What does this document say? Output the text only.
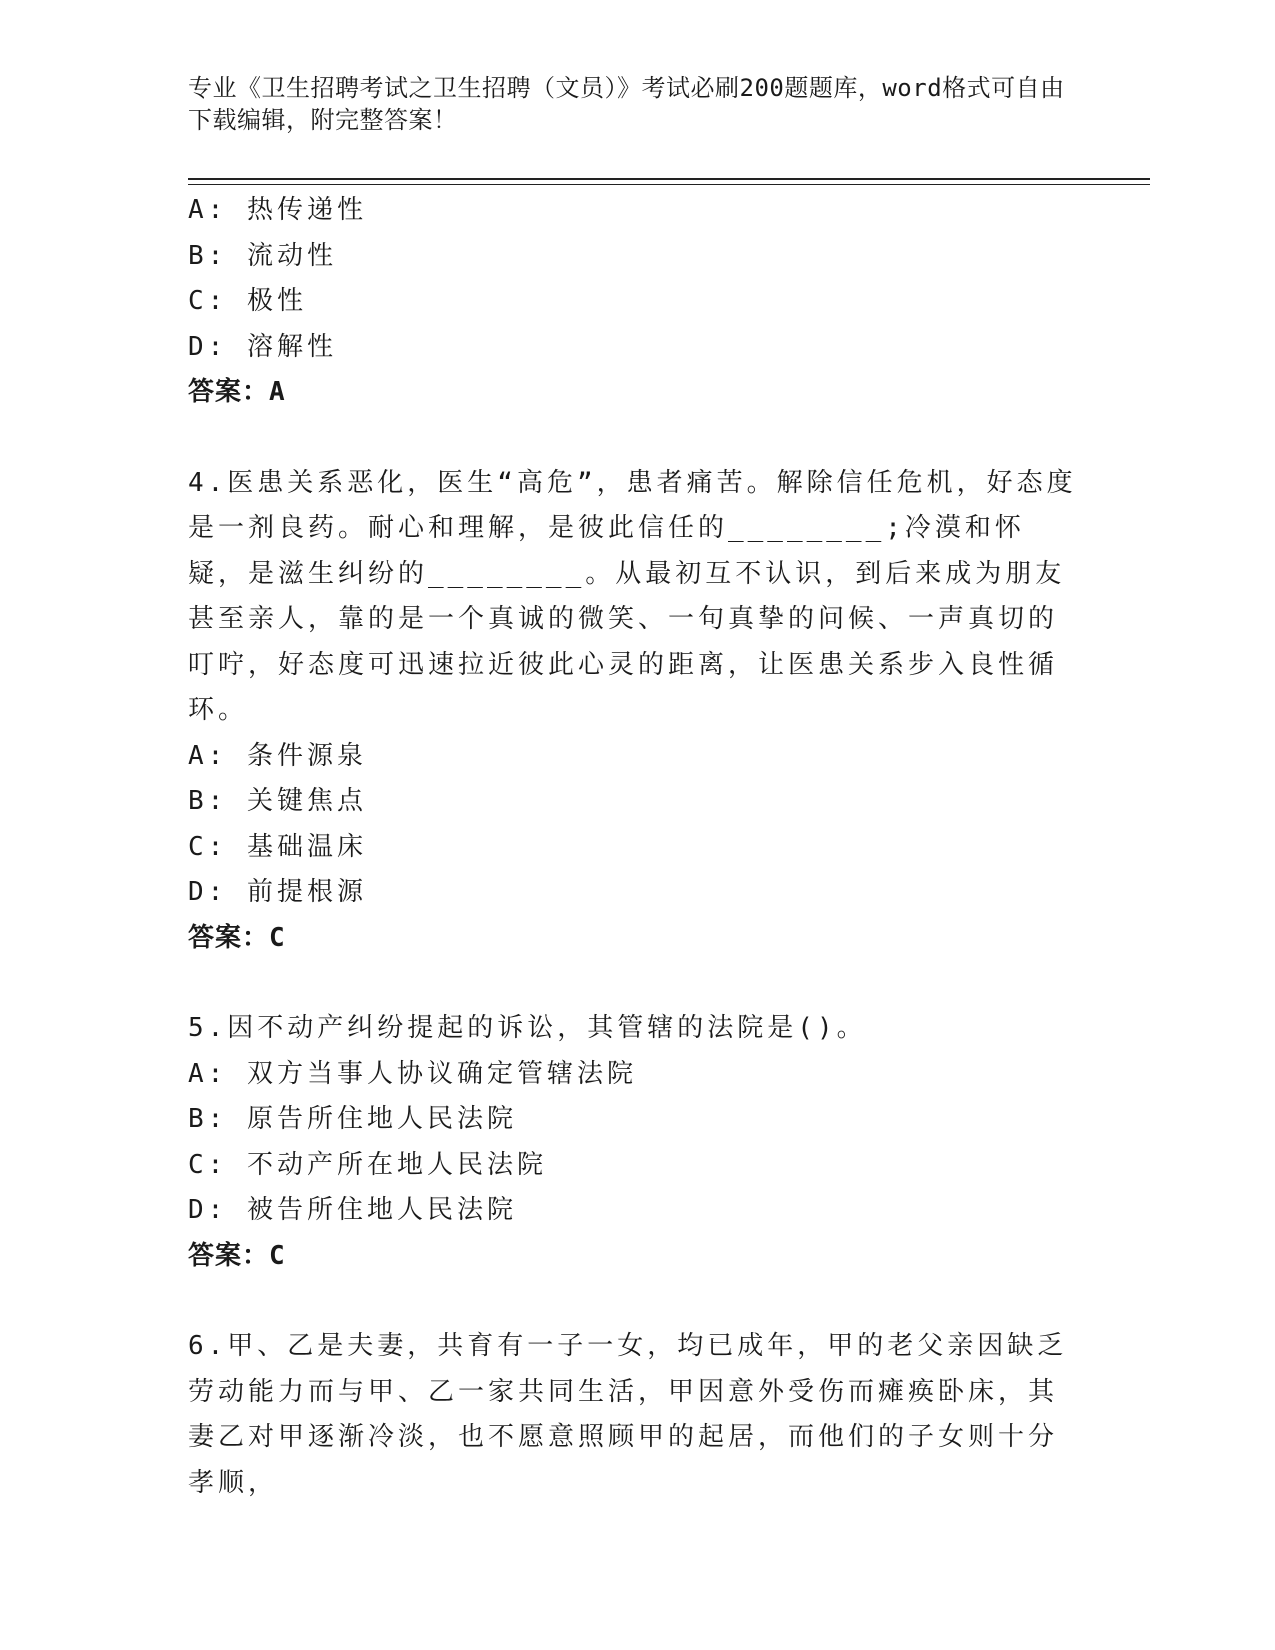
专业《卫生招聘考试之卫生招聘（文员）》考试必刷200题题库，word格式可自由下载编辑，附完整答案！
A: 热传递性
B: 流动性
C: 极性
D: 溶解性
答案：A
4.医患关系恶化，医生“高危”，患者痛苦。解除信任危机，好态度是一剂良药。耐心和理解，是彼此信任的________;冷漠和怀疑，是滋生纠纷的________。从最初互不认识，到后来成为朋友甚至亲人，靠的是一个真诚的微笑、一句真挚的问候、一声真切的叮咛，好态度可迅速拉近彼此心灵的距离，让医患关系步入良性循环。
A: 条件源泉
B: 关键焦点
C: 基础温床
D: 前提根源
答案：C
5.因不动产纠纷提起的诉讼，其管辖的法院是()。
A: 双方当事人协议确定管辖法院
B: 原告所住地人民法院
C: 不动产所在地人民法院
D: 被告所住地人民法院
答案：C
6.甲、乙是夫妻，共育有一子一女，均已成年，甲的老父亲因缺乏劳动能力而与甲、乙一家共同生活，甲因意外受伤而瘫痪卧床，其妻乙对甲逐渐冷淡，也不愿意照顾甲的起居，而他们的子女则十分孝顺，
